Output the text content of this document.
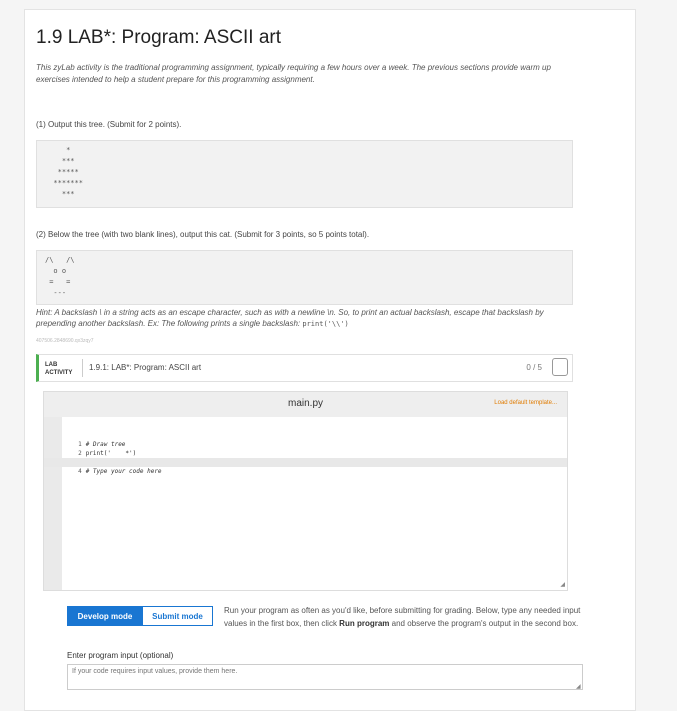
1.9 LAB*: Program: ASCII art

This zyLab activity is the traditional programming assignment, typically requiring a few hours over a week. The previous sections provide warm up exercises intended to help a student prepare for this programming assignment.

(1) Output this tree. (Submit for 2 points).
*
***
*****
*******
***
(2) Below the tree (with two blank lines), output this cat. (Submit for 3 points, so 5 points total).
/\   /\
o o
=   =
---
Hint: A backslash \ in a string acts as an escape character, such as with a newline \n. So, to print an actual backslash, escape that backslash by prepending another backslash. Ex: The following prints a single backslash: print('\\')
407506.2848690.qx3zqy7
LAB
ACTIVITY
1.9.1: LAB*: Program: ASCII art	0 / 5
main.py	Load default template...

1 # Draw tree

2 print('    *')

4 # Type your code here

◢
Develop mode	Submit mode
Run your program as often as you'd like, before submitting for grading. Below, type any needed input values in the first box, then click Run program and observe the program's output in the second box.
Enter program input (optional)
If your code requires input values, provide them here.
◢
